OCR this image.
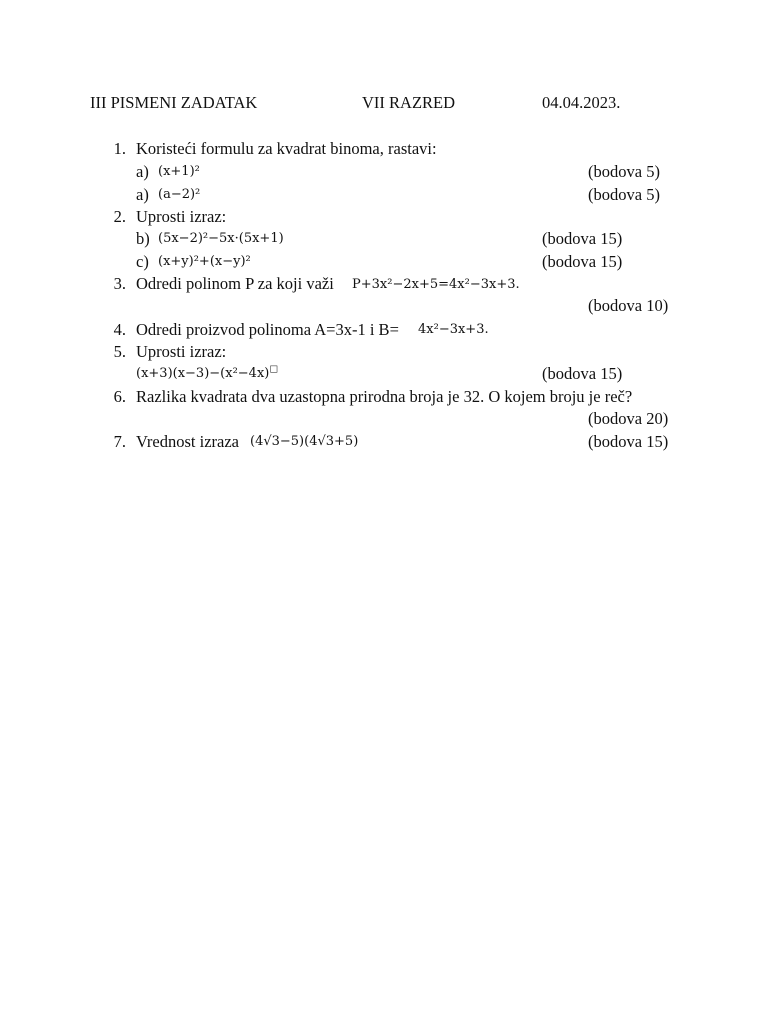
III PISMENI ZADATAK	VII RAZRED	04.04.2023.
1. Koristeći formulu za kvadrat binoma, rastavi:
a) (x+1)²	(bodova 5)
a) (a−2)²	(bodova 5)
2. Uprosti izraz:
b) (5x−2)²−5x·(5x+1)	(bodova 15)
c) (x+y)²+(x−y)²	(bodova 15)
3. Odredi polinom P za koji važi P+3x²−2x+5=4x²−3x+3.
(bodova 10)
4. Odredi proizvod polinoma A=3x-1 i B= 4x²−3x+3.
5. Uprosti izraz:
(x+3)(x−3)−(x²−4x)□	(bodova 15)
6. Razlika kvadrata dva uzastopna prirodna broja je 32. O kojem broju je reč?
(bodova 20)
7. Vrednost izraza (4√3−5)(4√3+5)	(bodova 15)
